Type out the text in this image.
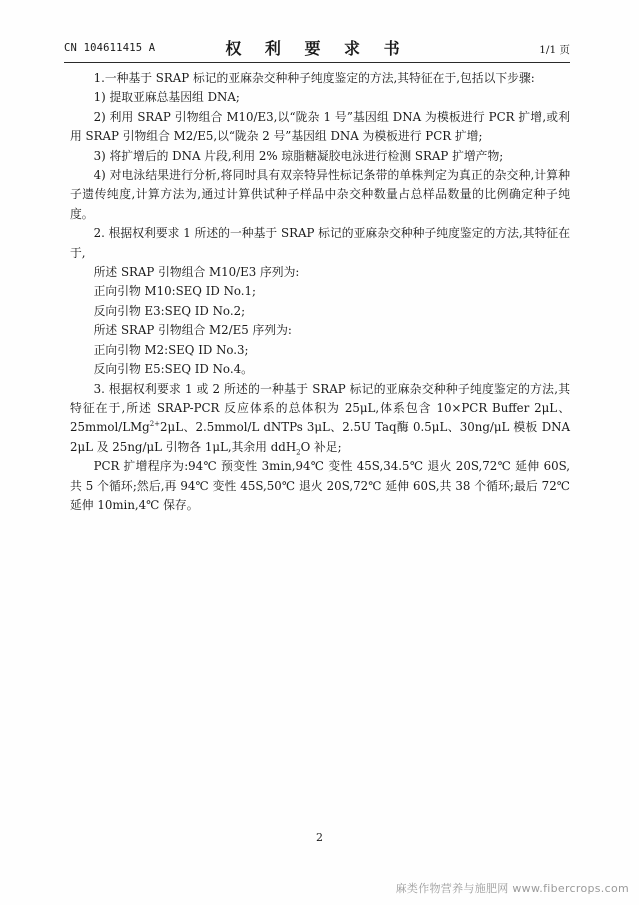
CN 104611415 A	权 利 要 求 书	1/1 页

1.一种基于 SRAP 标记的亚麻杂交种种子纯度鉴定的方法,其特征在于,包括以下步骤:

1) 提取亚麻总基因组 DNA;

2) 利用 SRAP 引物组合 M10/E3,以“陇杂 1 号”基因组 DNA 为模板进行 PCR 扩增,或利用 SRAP 引物组合 M2/E5,以“陇杂 2 号”基因组 DNA 为模板进行 PCR 扩增;

3) 将扩增后的 DNA 片段,利用 2% 琼脂糖凝胶电泳进行检测 SRAP 扩增产物;

4) 对电泳结果进行分析,将同时具有双亲特异性标记条带的单株判定为真正的杂交种,计算种子遗传纯度,计算方法为,通过计算供试种子样品中杂交种数量占总样品数量的比例确定种子纯度。

2. 根据权利要求 1 所述的一种基于 SRAP 标记的亚麻杂交种种子纯度鉴定的方法,其特征在于,

所述 SRAP 引物组合 M10/E3 序列为:

正向引物 M10:SEQ ID No.1;

反向引物 E3:SEQ ID No.2;

所述 SRAP 引物组合 M2/E5 序列为:

正向引物 M2:SEQ ID No.3;

反向引物 E5:SEQ ID No.4。

3. 根据权利要求 1 或 2 所述的一种基于 SRAP 标记的亚麻杂交种种子纯度鉴定的方法,其特征在于,所述 SRAP-PCR 反应体系的总体积为 25μL,体系包含 10×PCR Buffer 2μL、25mmol/LMg$^{2+}$2μL、2.5mmol/L dNTPs 3μL、2.5U Taq酶 0.5μL、30ng/μL 模板 DNA 2μL 及 25ng/μL 引物各 1μL,其余用 ddH$_2$O 补足;

PCR 扩增程序为:94℃ 预变性 3min,94℃ 变性 45S,34.5℃ 退火 20S,72℃ 延伸 60S,共 5 个循环;然后,再 94℃ 变性 45S,50℃ 退火 20S,72℃ 延伸 60S,共 38 个循环;最后 72℃ 延伸 10min,4℃ 保存。

2
麻类作物营养与施肥网 www.fibercrops.com
